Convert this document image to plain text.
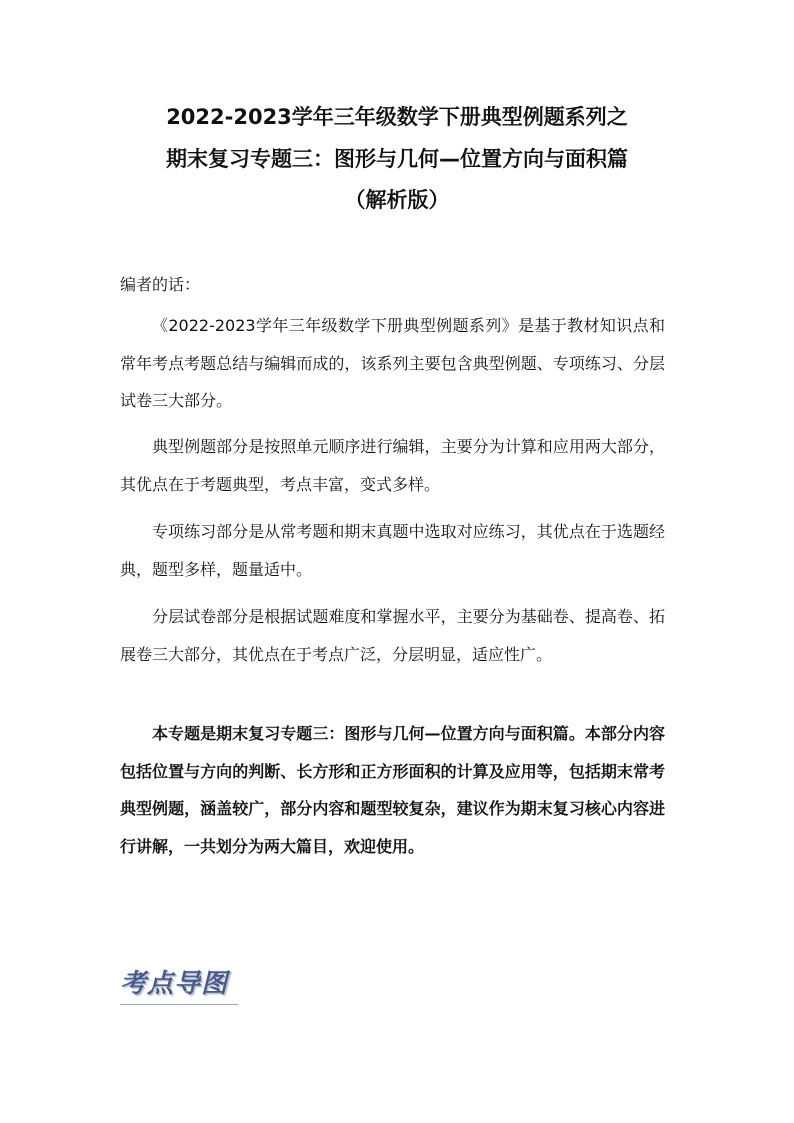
2022-2023学年三年级数学下册典型例题系列之
期末复习专题三：图形与几何—位置方向与面积篇
（解析版）
编者的话：

《2022-2023学年三年级数学下册典型例题系列》是基于教材知识点和常年考点考题总结与编辑而成的，该系列主要包含典型例题、专项练习、分层试卷三大部分。

典型例题部分是按照单元顺序进行编辑，主要分为计算和应用两大部分，其优点在于考题典型，考点丰富，变式多样。

专项练习部分是从常考题和期末真题中选取对应练习，其优点在于选题经典，题型多样，题量适中。

分层试卷部分是根据试题难度和掌握水平，主要分为基础卷、提高卷、拓展卷三大部分，其优点在于考点广泛，分层明显，适应性广。

本专题是期末复习专题三：图形与几何—位置方向与面积篇。本部分内容包括位置与方向的判断、长方形和正方形面积的计算及应用等，包括期末常考典型例题，涵盖较广，部分内容和题型较复杂，建议作为期末复习核心内容进行讲解，一共划分为两大篇目，欢迎使用。

考点导图
